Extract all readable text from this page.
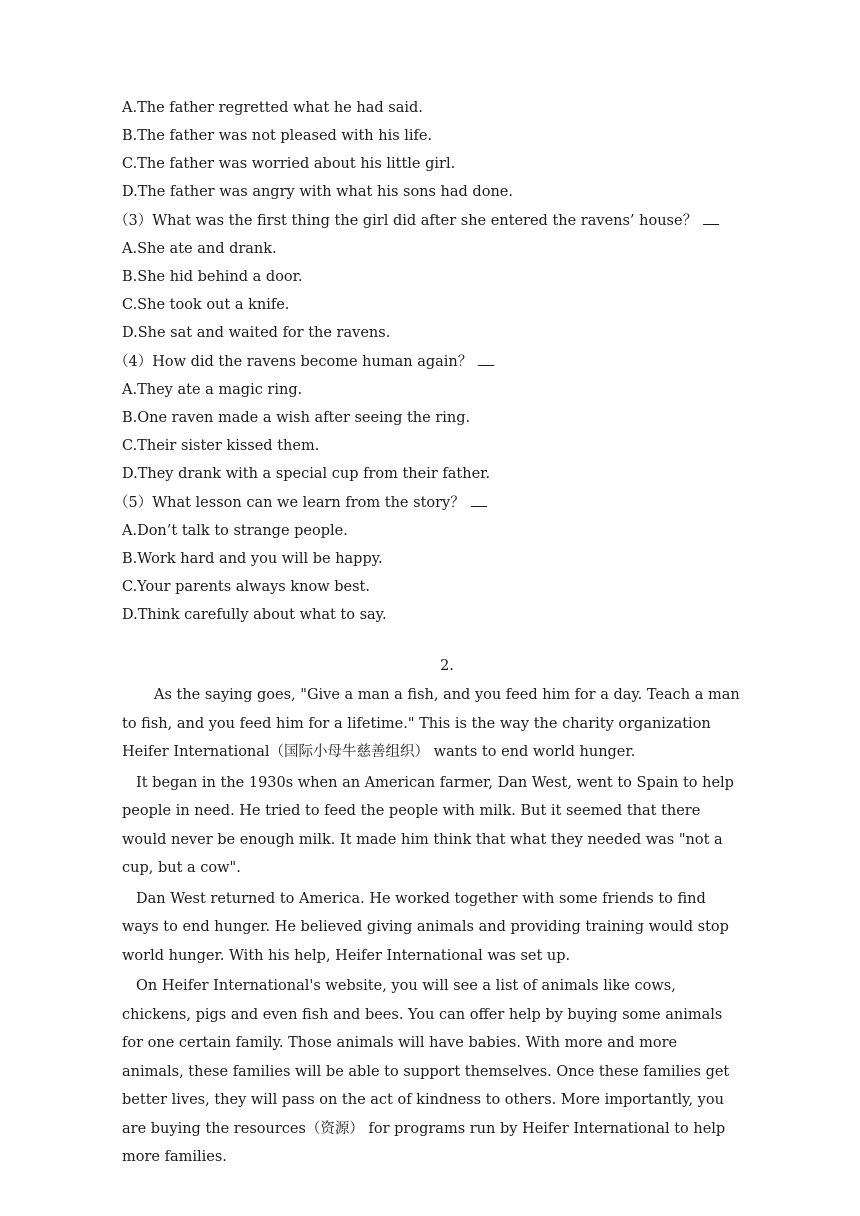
A.The father regretted what he had said.
B.The father was not pleased with his life.
C.The father was worried about his little girl.
D.The father was angry with what his sons had done.
（3）What was the first thing the girl did after she entered the ravens’ house？
A.She ate and drank.
B.She hid behind a door.
C.She took out a knife.
D.She sat and waited for the ravens.
（4）How did the ravens become human again？
A.They ate a magic ring.
B.One raven made a wish after seeing the ring.
C.Their sister kissed them.
D.They drank with a special cup from their father.
（5）What lesson can we learn from the story？
A.Don’t talk to strange people.
B.Work hard and you will be happy.
C.Your parents always know best.
D.Think carefully about what to say.
2.

As the saying goes, "Give a man a fish, and you feed him for a day. Teach a man to fish, and you feed him for a lifetime." This is the way the charity organization Heifer International（国际小母牛慈善组织） wants to end world hunger.

It began in the 1930s when an American farmer, Dan West, went to Spain to help people in need. He tried to feed the people with milk. But it seemed that there would never be enough milk. It made him think that what they needed was "not a cup, but a cow".

Dan West returned to America. He worked together with some friends to find ways to end hunger. He believed giving animals and providing training would stop world hunger. With his help, Heifer International was set up.

On Heifer International's website, you will see a list of animals like cows, chickens, pigs and even fish and bees. You can offer help by buying some animals for one certain family. Those animals will have babies. With more and more animals, these families will be able to support themselves. Once these families get better lives, they will pass on the act of kindness to others. More importantly, you are buying the resources（资源） for programs run by Heifer International to help more families.
